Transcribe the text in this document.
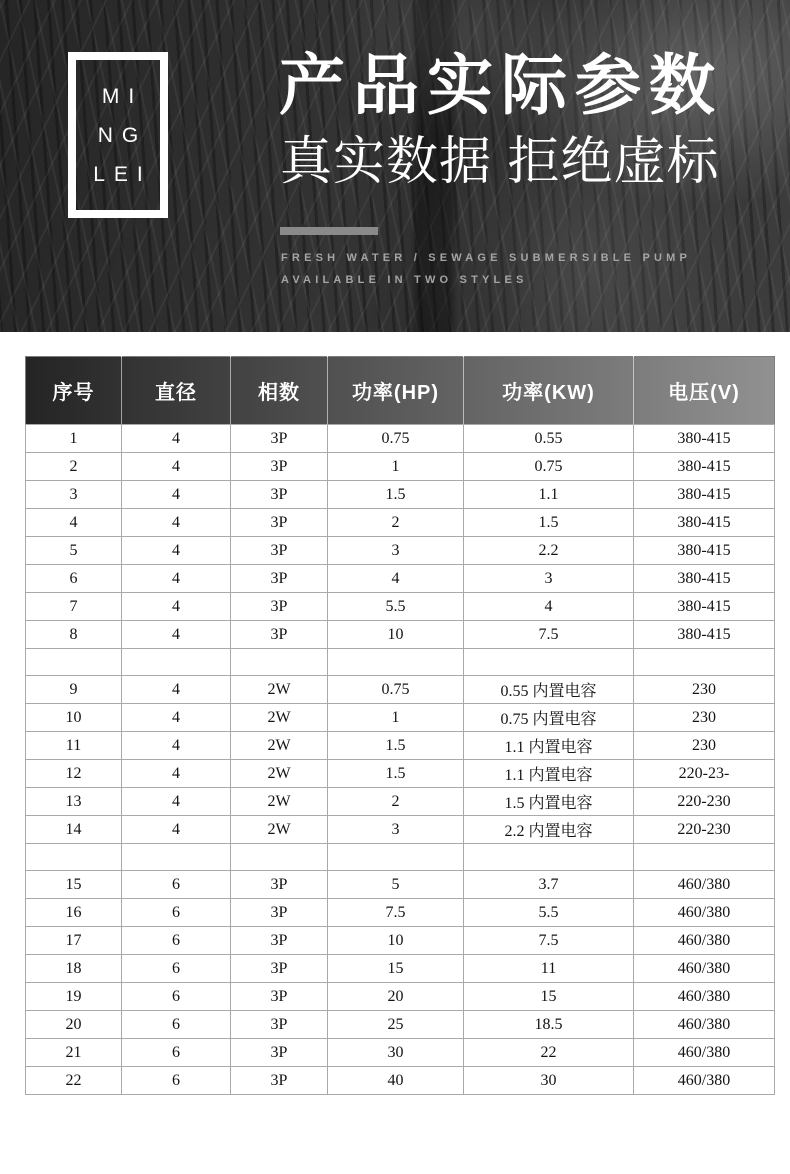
MI
NG
LEI
产品实际参数
真实数据 拒绝虚标
FRESH WATER / SEWAGE SUBMERSIBLE PUMP
AVAILABLE IN TWO STYLES
序号	直径	相数	功率(HP)	功率(KW)	电压(V)
1	4	3P	0.75	0.55	380-415
2	4	3P	1	0.75	380-415
3	4	3P	1.5	1.1	380-415
4	4	3P	2	1.5	380-415
5	4	3P	3	2.2	380-415
6	4	3P	4	3	380-415
7	4	3P	5.5	4	380-415
8	4	3P	10	7.5	380-415

9	4	2W	0.75	0.55 内置电容	230
10	4	2W	1	0.75 内置电容	230
11	4	2W	1.5	1.1 内置电容	230
12	4	2W	1.5	1.1 内置电容	220-23-
13	4	2W	2	1.5 内置电容	220-230
14	4	2W	3	2.2 内置电容	220-230

15	6	3P	5	3.7	460/380
16	6	3P	7.5	5.5	460/380
17	6	3P	10	7.5	460/380
18	6	3P	15	11	460/380
19	6	3P	20	15	460/380
20	6	3P	25	18.5	460/380
21	6	3P	30	22	460/380
22	6	3P	40	30	460/380
